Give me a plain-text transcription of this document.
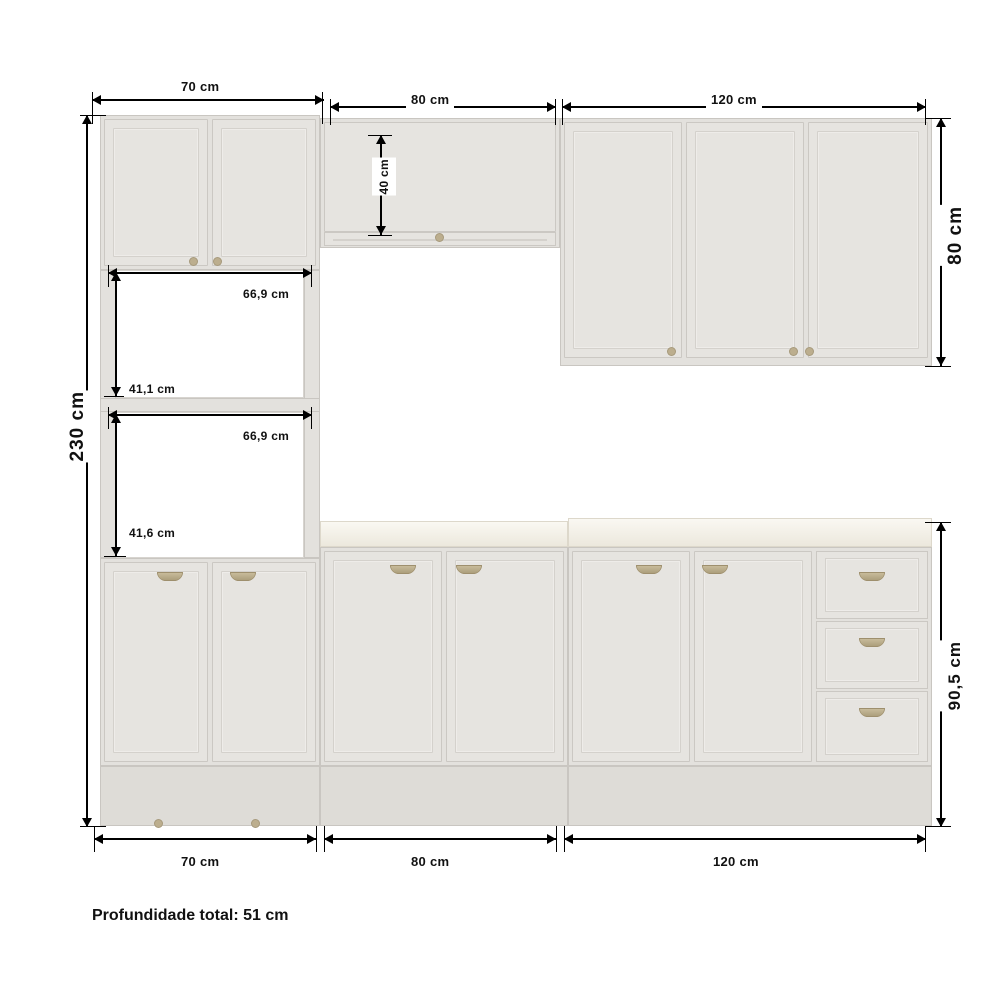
70 cm
80 cm	120 cm
230 cm
80 cm
90,5 cm
40 cm
66,9 cm
41,1 cm
66,9 cm
41,6 cm
70 cm	80 cm	120 cm
Profundidade total: 51 cm
